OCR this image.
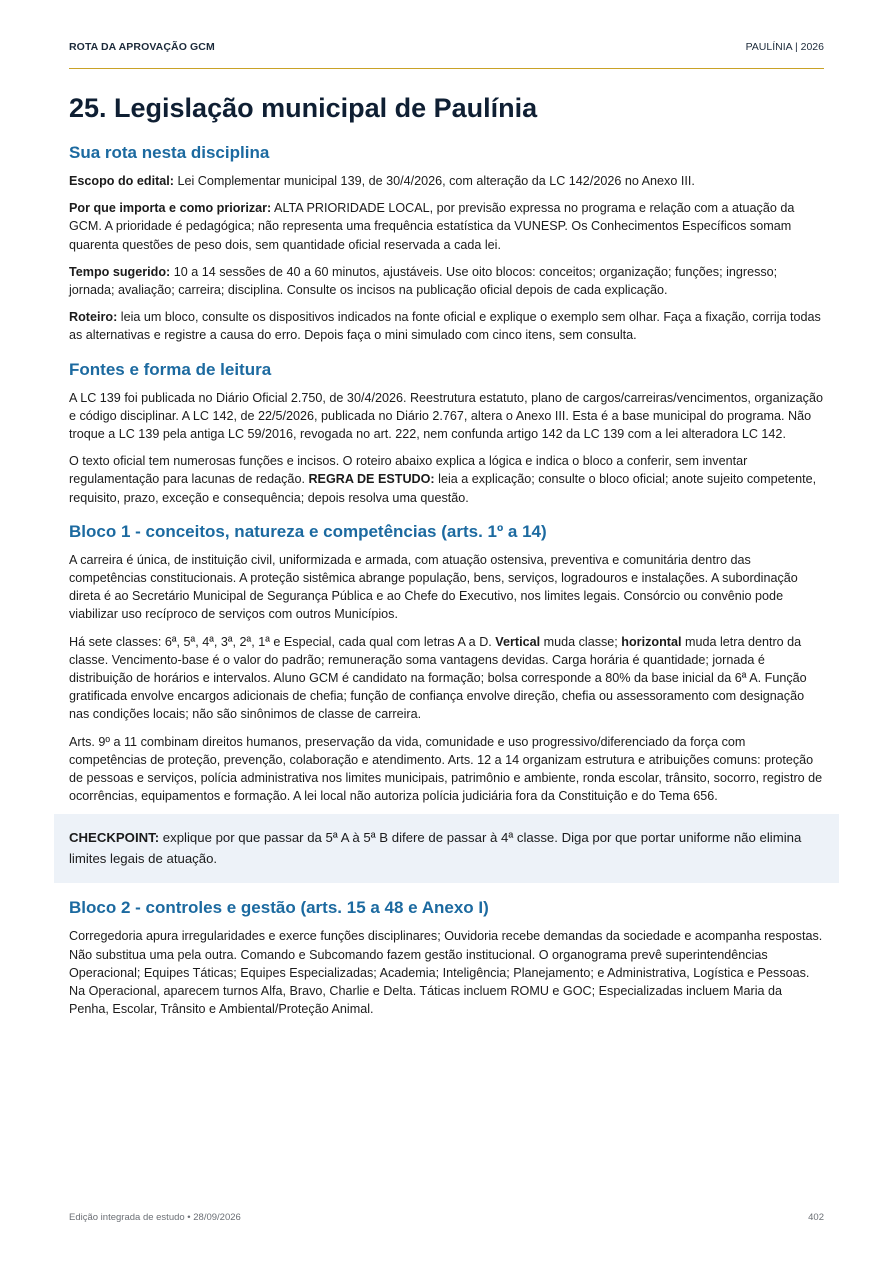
ROTA DA APROVAÇÃO GCM	PAULÍNIA | 2026
25. Legislação municipal de Paulínia
Sua rota nesta disciplina

Escopo do edital: Lei Complementar municipal 139, de 30/4/2026, com alteração da LC 142/2026 no Anexo III.

Por que importa e como priorizar: ALTA PRIORIDADE LOCAL, por previsão expressa no programa e relação com a atuação da GCM. A prioridade é pedagógica; não representa uma frequência estatística da VUNESP. Os Conhecimentos Específicos somam quarenta questões de peso dois, sem quantidade oficial reservada a cada lei.

Tempo sugerido: 10 a 14 sessões de 40 a 60 minutos, ajustáveis. Use oito blocos: conceitos; organização; funções; ingresso; jornada; avaliação; carreira; disciplina. Consulte os incisos na publicação oficial depois de cada explicação.

Roteiro: leia um bloco, consulte os dispositivos indicados na fonte oficial e explique o exemplo sem olhar. Faça a fixação, corrija todas as alternativas e registre a causa do erro. Depois faça o mini simulado com cinco itens, sem consulta.

Fontes e forma de leitura

A LC 139 foi publicada no Diário Oficial 2.750, de 30/4/2026. Reestrutura estatuto, plano de cargos/carreiras/vencimentos, organização e código disciplinar. A LC 142, de 22/5/2026, publicada no Diário 2.767, altera o Anexo III. Esta é a base municipal do programa. Não troque a LC 139 pela antiga LC 59/2016, revogada no art. 222, nem confunda artigo 142 da LC 139 com a lei alteradora LC 142.

O texto oficial tem numerosas funções e incisos. O roteiro abaixo explica a lógica e indica o bloco a conferir, sem inventar regulamentação para lacunas de redação. REGRA DE ESTUDO: leia a explicação; consulte o bloco oficial; anote sujeito competente, requisito, prazo, exceção e consequência; depois resolva uma questão.

Bloco 1 - conceitos, natureza e competências (arts. 1º a 14)

A carreira é única, de instituição civil, uniformizada e armada, com atuação ostensiva, preventiva e comunitária dentro das competências constitucionais. A proteção sistêmica abrange população, bens, serviços, logradouros e instalações. A subordinação direta é ao Secretário Municipal de Segurança Pública e ao Chefe do Executivo, nos limites legais. Consórcio ou convênio pode viabilizar uso recíproco de serviços com outros Municípios.

Há sete classes: 6ª, 5ª, 4ª, 3ª, 2ª, 1ª e Especial, cada qual com letras A a D. Vertical muda classe; horizontal muda letra dentro da classe. Vencimento-base é o valor do padrão; remuneração soma vantagens devidas. Carga horária é quantidade; jornada é distribuição de horários e intervalos. Aluno GCM é candidato na formação; bolsa corresponde a 80% da base inicial da 6ª A. Função gratificada envolve encargos adicionais de chefia; função de confiança envolve direção, chefia ou assessoramento com designação nas condições locais; não são sinônimos de classe de carreira.

Arts. 9º a 11 combinam direitos humanos, preservação da vida, comunidade e uso progressivo/diferenciado da força com competências de proteção, prevenção, colaboração e atendimento. Arts. 12 a 14 organizam estrutura e atribuições comuns: proteção de pessoas e serviços, polícia administrativa nos limites municipais, patrimônio e ambiente, ronda escolar, trânsito, socorro, registro de ocorrências, equipamentos e formação. A lei local não autoriza polícia judiciária fora da Constituição e do Tema 656.

CHECKPOINT: explique por que passar da 5ª A à 5ª B difere de passar à 4ª classe. Diga por que portar uniforme não elimina limites legais de atuação.

Bloco 2 - controles e gestão (arts. 15 a 48 e Anexo I)

Corregedoria apura irregularidades e exerce funções disciplinares; Ouvidoria recebe demandas da sociedade e acompanha respostas. Não substitua uma pela outra. Comando e Subcomando fazem gestão institucional. O organograma prevê superintendências Operacional; Equipes Táticas; Equipes Especializadas; Academia; Inteligência; Planejamento; e Administrativa, Logística e Pessoas. Na Operacional, aparecem turnos Alfa, Bravo, Charlie e Delta. Táticas incluem ROMU e GOC; Especializadas incluem Maria da Penha, Escolar, Trânsito e Ambiental/Proteção Animal.

Edição integrada de estudo • 28/09/2026	402
